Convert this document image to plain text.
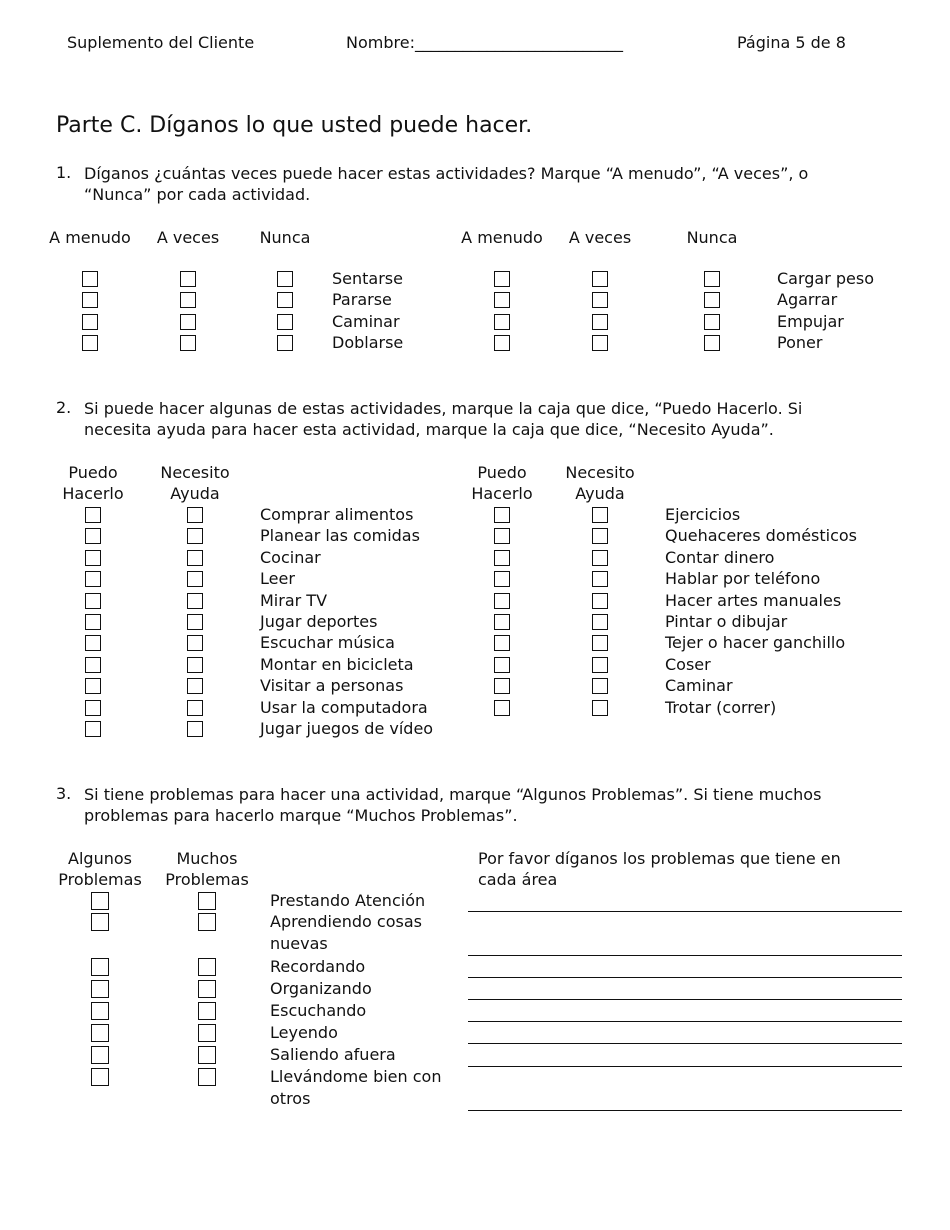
Suplemento del Cliente	Nombre:__________________________	Página 5 de 8
Parte C. Díganos lo que usted puede hacer.
1. Díganos ¿cuántas veces puede hacer estas actividades? Marque “A menudo”, “A veces”, o “Nunca” por cada actividad.
A menudo	A veces	Nunca
Sentarse
Pararse
Caminar
Doblarse
A menudo	A veces	Nunca
Cargar peso
Agarrar
Empujar
Poner
2. Si puede hacer algunas de estas actividades, marque la caja que dice, “Puedo Hacerlo. Si necesita ayuda para hacer esta actividad, marque la caja que dice, “Necesito Ayuda”.
Puedo Hacerlo
Necesito Ayuda
Comprar alimentos
Planear las comidas
Cocinar
Leer
Mirar TV
Jugar deportes
Escuchar música
Montar en bicicleta
Visitar a personas
Usar la computadora
Jugar juegos de vídeo
Puedo Hacerlo
Necesito Ayuda
Ejercicios
Quehaceres domésticos
Contar dinero
Hablar por teléfono
Hacer artes manuales
Pintar o dibujar
Tejer o hacer ganchillo
Coser
Caminar
Trotar (correr)
3. Si tiene problemas para hacer una actividad, marque “Algunos Problemas”. Si tiene muchos problemas para hacerlo marque “Muchos Problemas”.
Algunos Problemas
Muchos Problemas
Prestando Atención
Aprendiendo cosas nuevas
Recordando
Organizando
Escuchando
Leyendo
Saliendo afuera
Llevándome bien con otros
Por favor díganos los problemas que tiene en cada área
